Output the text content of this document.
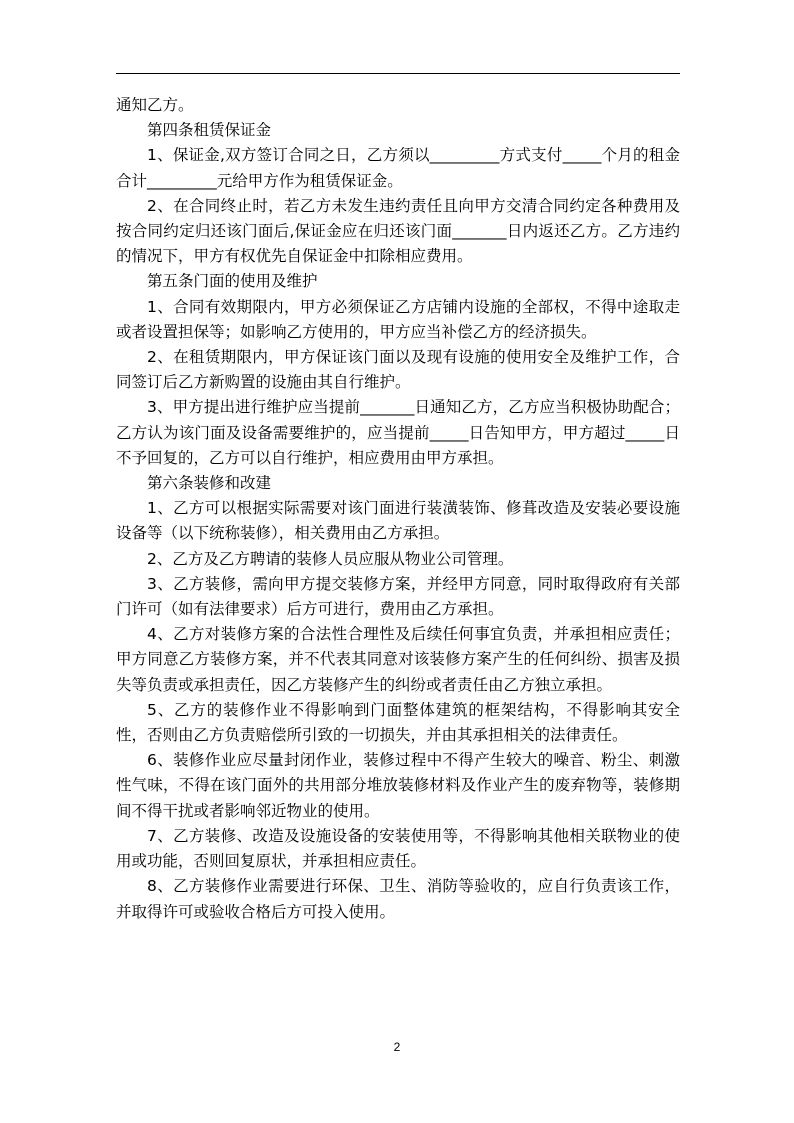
通知乙方。

第四条租赁保证金

1、保证金,双方签订合同之日，乙方须以_________方式支付_____个月的租金合计_________元给甲方作为租赁保证金。

2、在合同终止时，若乙方未发生违约责任且向甲方交清合同约定各种费用及按合同约定归还该门面后,保证金应在归还该门面_______日内返还乙方。乙方违约的情况下，甲方有权优先自保证金中扣除相应费用。

第五条门面的使用及维护

1、合同有效期限内，甲方必须保证乙方店铺内设施的全部权，不得中途取走或者设置担保等；如影响乙方使用的，甲方应当补偿乙方的经济损失。

2、在租赁期限内，甲方保证该门面以及现有设施的使用安全及维护工作，合同签订后乙方新购置的设施由其自行维护。

3、甲方提出进行维护应当提前_______日通知乙方，乙方应当积极协助配合；乙方认为该门面及设备需要维护的，应当提前_____日告知甲方，甲方超过_____日不予回复的，乙方可以自行维护，相应费用由甲方承担。

第六条装修和改建

1、乙方可以根据实际需要对该门面进行装潢装饰、修葺改造及安装必要设施设备等（以下统称装修），相关费用由乙方承担。

2、乙方及乙方聘请的装修人员应服从物业公司管理。

3、乙方装修，需向甲方提交装修方案，并经甲方同意，同时取得政府有关部门许可（如有法律要求）后方可进行，费用由乙方承担。

4、乙方对装修方案的合法性合理性及后续任何事宜负责，并承担相应责任；甲方同意乙方装修方案，并不代表其同意对该装修方案产生的任何纠纷、损害及损失等负责或承担责任，因乙方装修产生的纠纷或者责任由乙方独立承担。

5、乙方的装修作业不得影响到门面整体建筑的框架结构，不得影响其安全性，否则由乙方负责赔偿所引致的一切损失，并由其承担相关的法律责任。

6、装修作业应尽量封闭作业，装修过程中不得产生较大的噪音、粉尘、刺激性气味，不得在该门面外的共用部分堆放装修材料及作业产生的废弃物等，装修期间不得干扰或者影响邻近物业的使用。

7、乙方装修、改造及设施设备的安装使用等，不得影响其他相关联物业的使用或功能，否则回复原状，并承担相应责任。

8、乙方装修作业需要进行环保、卫生、消防等验收的，应自行负责该工作，并取得许可或验收合格后方可投入使用。

2
